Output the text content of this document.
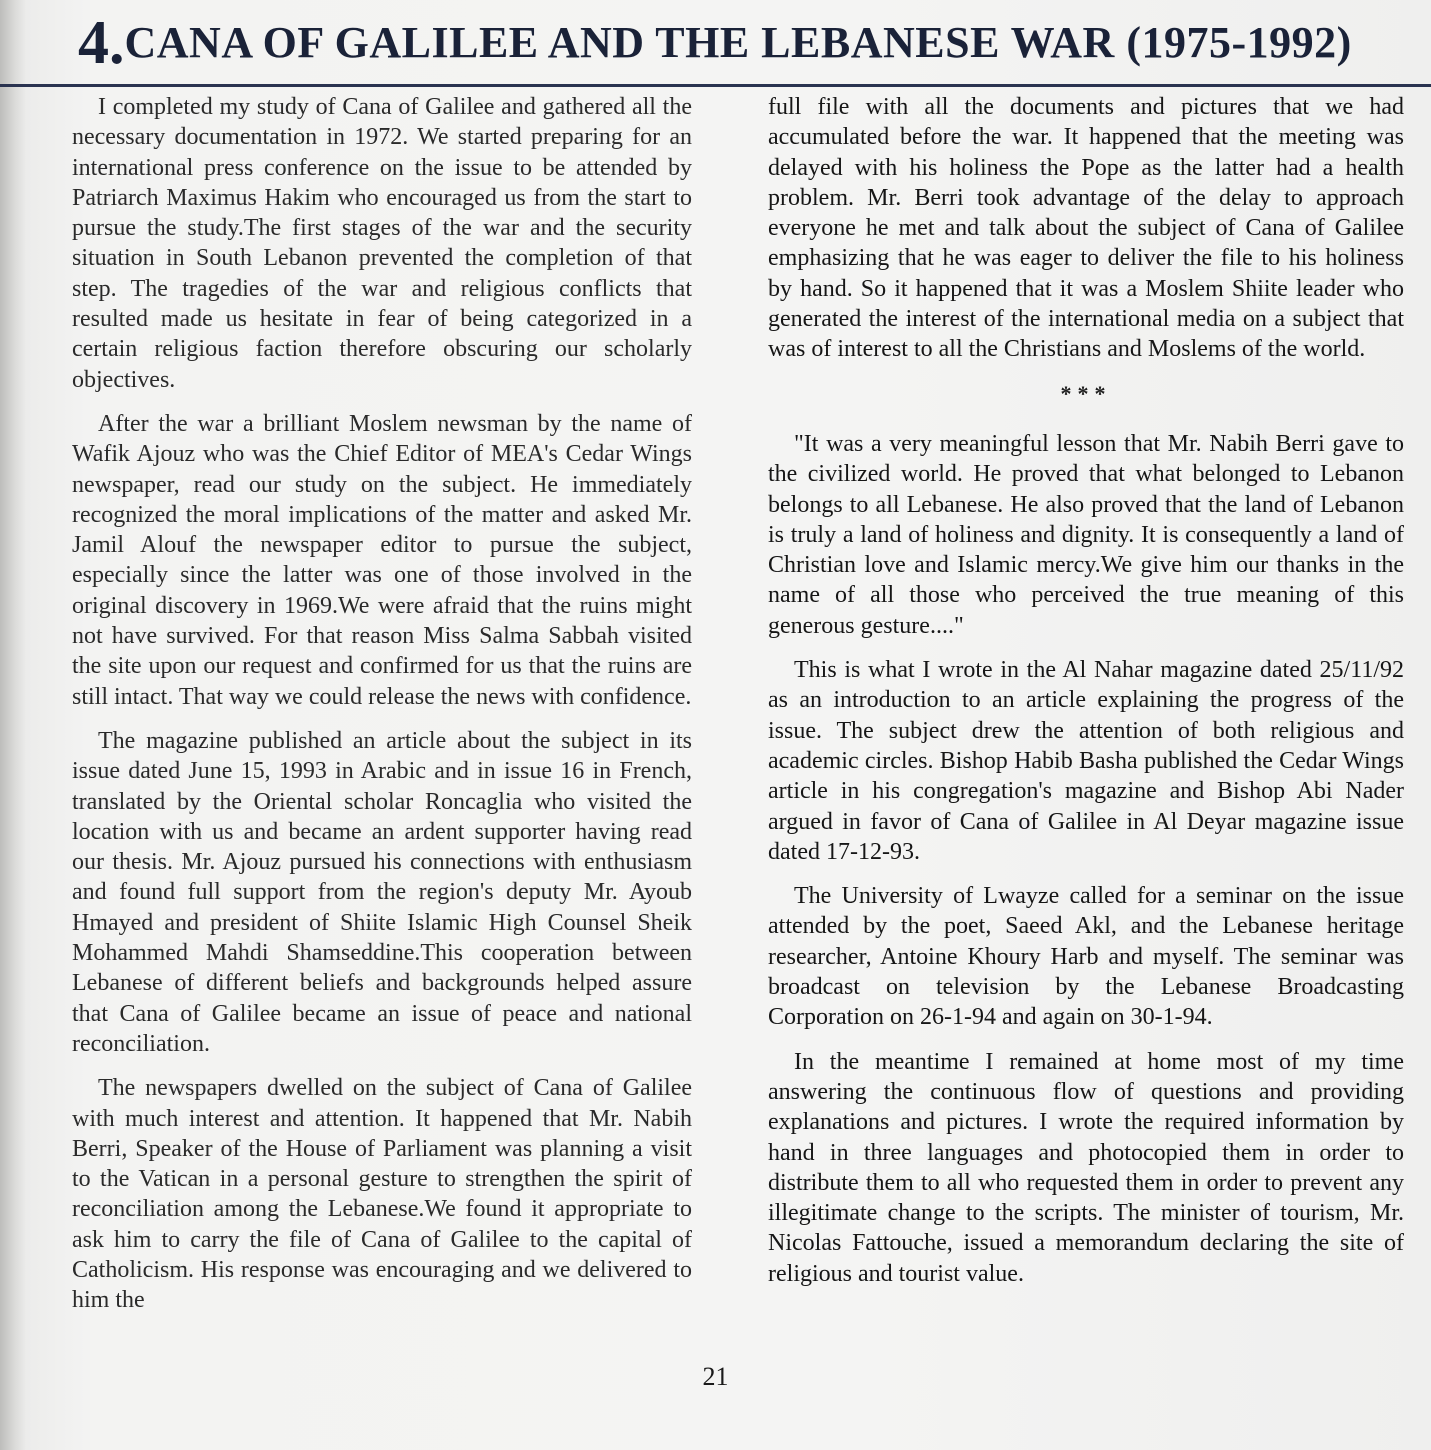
4.CANA OF GALILEE AND THE LEBANESE WAR (1975-1992)

I completed my study of Cana of Galilee and gathered all the necessary documentation in 1972. We started preparing for an international press conference on the issue to be attended by Patriarch Maximus Hakim who encouraged us from the start to pursue the study.The first stages of the war and the security situation in South Lebanon prevented the completion of that step. The tragedies of the war and religious conflicts that resulted made us hesitate in fear of being categorized in a certain religious faction therefore obscuring our scholarly objectives.

After the war a brilliant Moslem newsman by the name of Wafik Ajouz who was the Chief Editor of MEA's Cedar Wings newspaper, read our study on the subject. He immediately recognized the moral implications of the matter and asked Mr. Jamil Alouf the newspaper editor to pursue the subject, especially since the latter was one of those involved in the original discovery in 1969.We were afraid that the ruins might not have survived. For that reason Miss Salma Sabbah visited the site upon our request and confirmed for us that the ruins are still intact. That way we could release the news with confidence.

The magazine published an article about the subject in its issue dated June 15, 1993 in Arabic and in issue 16 in French, translated by the Oriental scholar Roncaglia who visited the location with us and became an ardent supporter having read our thesis. Mr. Ajouz pursued his connections with enthusiasm and found full support from the region's deputy Mr. Ayoub Hmayed and president of Shiite Islamic High Counsel Sheik Mohammed Mahdi Shamseddine.This cooperation between Lebanese of different beliefs and backgrounds helped assure that Cana of Galilee became an issue of peace and national reconciliation.

The newspapers dwelled on the subject of Cana of Galilee with much interest and attention. It happened that Mr. Nabih Berri, Speaker of the House of Parliament was planning a visit to the Vatican in a personal gesture to strengthen the spirit of reconciliation among the Lebanese.We found it appropriate to ask him to carry the file of Cana of Galilee to the capital of Catholicism. His response was encouraging and we delivered to him the

full file with all the documents and pictures that we had accumulated before the war. It happened that the meeting was delayed with his holiness the Pope as the latter had a health problem. Mr. Berri took advantage of the delay to approach everyone he met and talk about the subject of Cana of Galilee emphasizing that he was eager to deliver the file to his holiness by hand. So it happened that it was a Moslem Shiite leader who generated the interest of the international media on a subject that was of interest to all the Christians and Moslems of the world.

***

"It was a very meaningful lesson that Mr. Nabih Berri gave to the civilized world. He proved that what belonged to Lebanon belongs to all Lebanese. He also proved that the land of Lebanon is truly a land of holiness and dignity. It is consequently a land of Christian love and Islamic mercy.We give him our thanks in the name of all those who perceived the true meaning of this generous gesture...."

This is what I wrote in the Al Nahar magazine dated 25/11/92 as an introduction to an article explaining the progress of the issue. The subject drew the attention of both religious and academic circles. Bishop Habib Basha published the Cedar Wings article in his congregation's magazine and Bishop Abi Nader argued in favor of Cana of Galilee in Al Deyar magazine issue dated 17-12-93.

The University of Lwayze called for a seminar on the issue attended by the poet, Saeed Akl, and the Lebanese heritage researcher, Antoine Khoury Harb and myself. The seminar was broadcast on television by the Lebanese Broadcasting Corporation on 26-1-94 and again on 30-1-94.

In the meantime I remained at home most of my time answering the continuous flow of questions and providing explanations and pictures. I wrote the required information by hand in three languages and photocopied them in order to distribute them to all who requested them in order to prevent any illegitimate change to the scripts. The minister of tourism, Mr. Nicolas Fattouche, issued a memorandum declaring the site of religious and tourist value.

21
